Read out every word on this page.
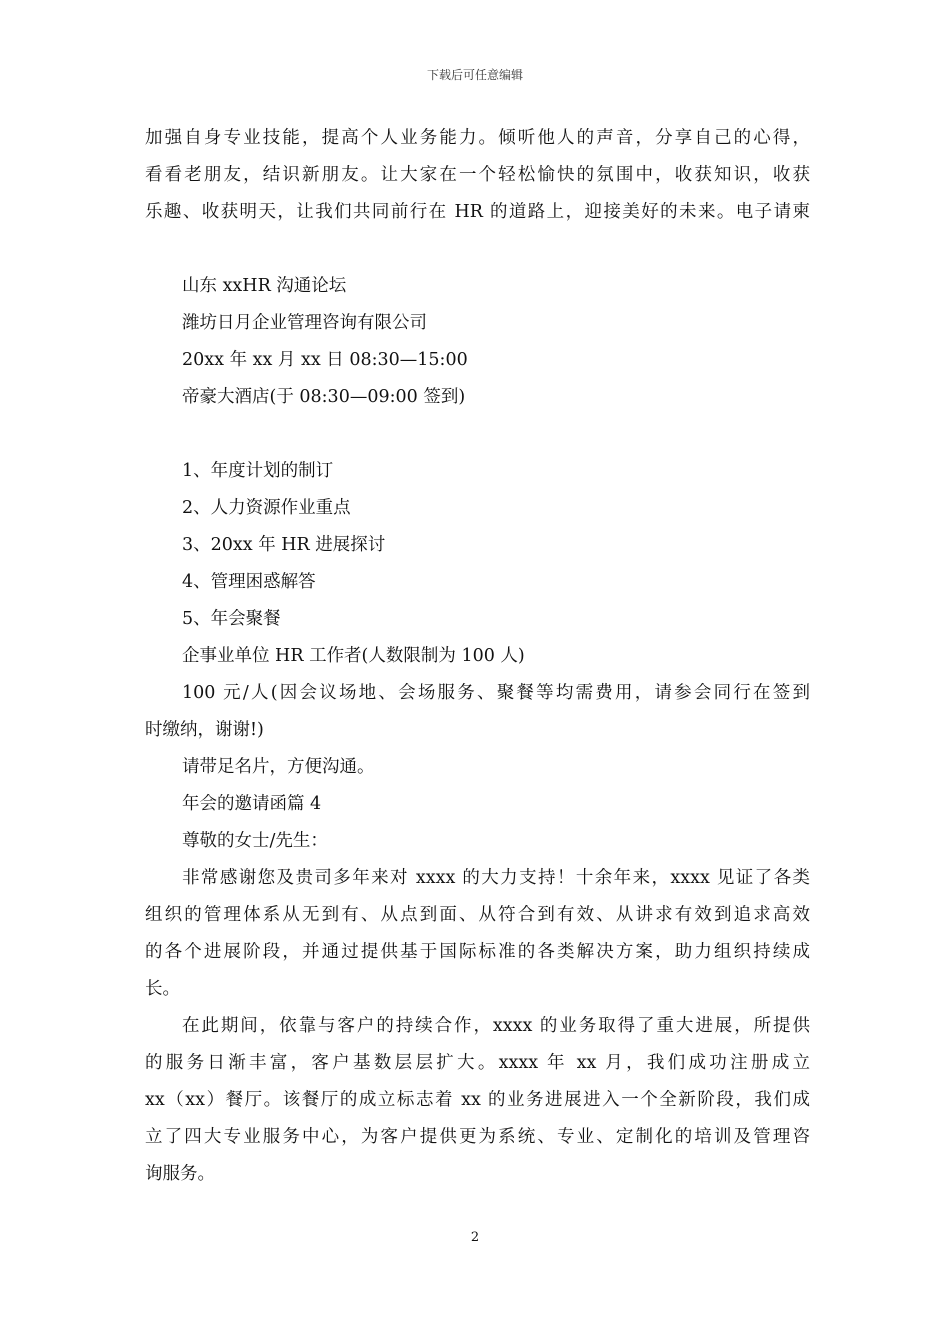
下载后可任意编辑
加强自身专业技能，提高个人业务能力。倾听他人的声音，分享自己的心得，
看看老朋友，结识新朋友。让大家在一个轻松愉快的氛围中，收获知识，收获
乐趣、收获明天，让我们共同前行在 HR 的道路上，迎接美好的未来。电子请柬
山东 xxHR 沟通论坛
潍坊日月企业管理咨询有限公司
20xx 年 xx 月 xx 日 08:30—15:00
帝豪大酒店(于 08:30—09:00 签到)
1、年度计划的制订
2、人力资源作业重点
3、20xx 年 HR 进展探讨
4、管理困惑解答
5、年会聚餐
企事业单位 HR 工作者(人数限制为 100 人)
100 元/人(因会议场地、会场服务、聚餐等均需费用，请参会同行在签到
时缴纳，谢谢!)
请带足名片，方便沟通。
年会的邀请函篇 4
尊敬的女士/先生：
非常感谢您及贵司多年来对 xxxx 的大力支持！十余年来，xxxx 见证了各类
组织的管理体系从无到有、从点到面、从符合到有效、从讲求有效到追求高效
的各个进展阶段，并通过提供基于国际标准的各类解决方案，助力组织持续成
长。
在此期间，依靠与客户的持续合作，xxxx 的业务取得了重大进展，所提供
的服务日渐丰富，客户基数层层扩大。xxxx 年 xx 月，我们成功注册成立
xx（xx）餐厅。该餐厅的成立标志着 xx 的业务进展进入一个全新阶段，我们成
立了四大专业服务中心，为客户提供更为系统、专业、定制化的培训及管理咨
询服务。
2
